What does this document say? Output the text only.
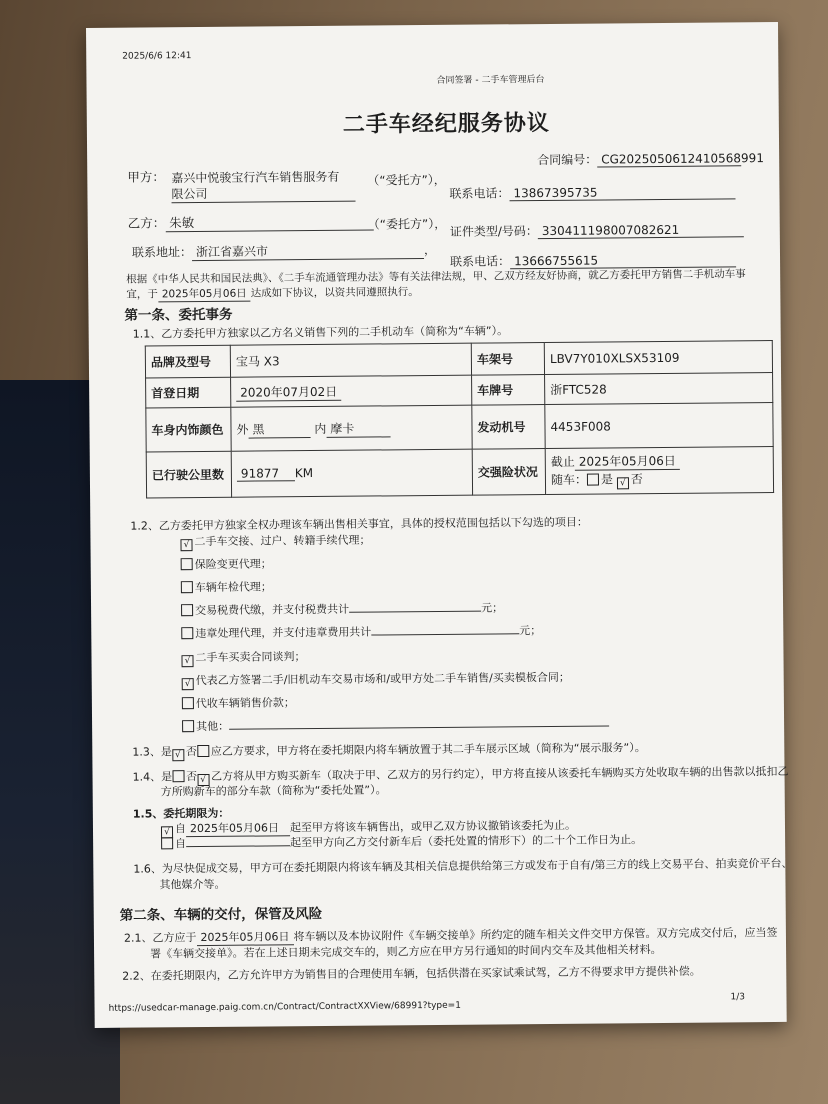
2025/6/6 12:41
合同签署 - 二手车管理后台
二手车经纪服务协议
合同编号： CG2025050612410568991
甲方： 嘉兴中悦骏宝行汽车销售服务有
限公司
（“受托方”），
联系电话： 13867395735
乙方： 朱敏	（“委托方”）， 证件类型/号码： 330411198007082621
联系地址： 浙江省嘉兴市	，
联系电话： 13666755615
根据《中华人民共和国民法典》、《二手车流通管理办法》等有关法律法规，甲、乙双方经友好协商，就乙方委托甲方销售二手机动车事
宜，于 2025年05月06日 达成如下协议，以资共同遵照执行。
第一条、委托事务
1.1、乙方委托甲方独家以乙方名义销售下列的二手机动车（简称为“车辆”）。
品牌及型号	宝马 X3	车架号	LBV7Y010XLSX53109
首登日期	2020年07月02日	车牌号	浙FTC528
车身内饰颜色	外 黑 内 摩卡	发动机号	4453F008
已行驶公里数	91877 KM	交强险状况	截止 2025年05月06日
随车： 是 √ 否
1.2、乙方委托甲方独家全权办理该车辆出售相关事宜，具体的授权范围包括以下勾选的项目：
√ 二手车交接、过户、转籍手续代理；
保险变更代理；
车辆年检代理；
交易税费代缴，并支付税费共计	元；
违章处理代理，并支付违章费用共计	元；
√ 二手车买卖合同谈判；
√ 代表乙方签署二手/旧机动车交易市场和/或甲方处二手车销售/买卖模板合同；
代收车辆销售价款；
其他：
1.3、是 √ 否 应乙方要求，甲方将在委托期限内将车辆放置于其二手车展示区域（简称为“展示服务”）。
1.4、是 否 √ 乙方将从甲方购买新车（取决于甲、乙双方的另行约定），甲方将直接从该委托车辆购买方处收取车辆的出售款以抵扣乙
方所购新车的部分车款（简称为“委托处置”）。
1.5、委托期限为：
√ 自 2025年05月06日 起至甲方将该车辆售出，或甲乙双方协议撤销该委托为止。
自	起至甲方向乙方交付新车后（委托处置的情形下）的二十个工作日为止。
1.6、为尽快促成交易，甲方可在委托期限内将该车辆及其相关信息提供给第三方或发布于自有/第三方的线上交易平台、拍卖竞价平台、
其他媒介等。
第二条、车辆的交付，保管及风险
2.1、乙方应于 2025年05月06日 将车辆以及本协议附件《车辆交接单》所约定的随车相关文件交甲方保管。双方完成交付后，应当签
署《车辆交接单》。若在上述日期未完成交车的，则乙方应在甲方另行通知的时间内交车及其他相关材料。
2.2、在委托期限内，乙方允许甲方为销售目的合理使用车辆，包括供潜在买家试乘试驾，乙方不得要求甲方提供补偿。
https://usedcar-manage.paig.com.cn/Contract/ContractXXView/68991?type=1
1/3
